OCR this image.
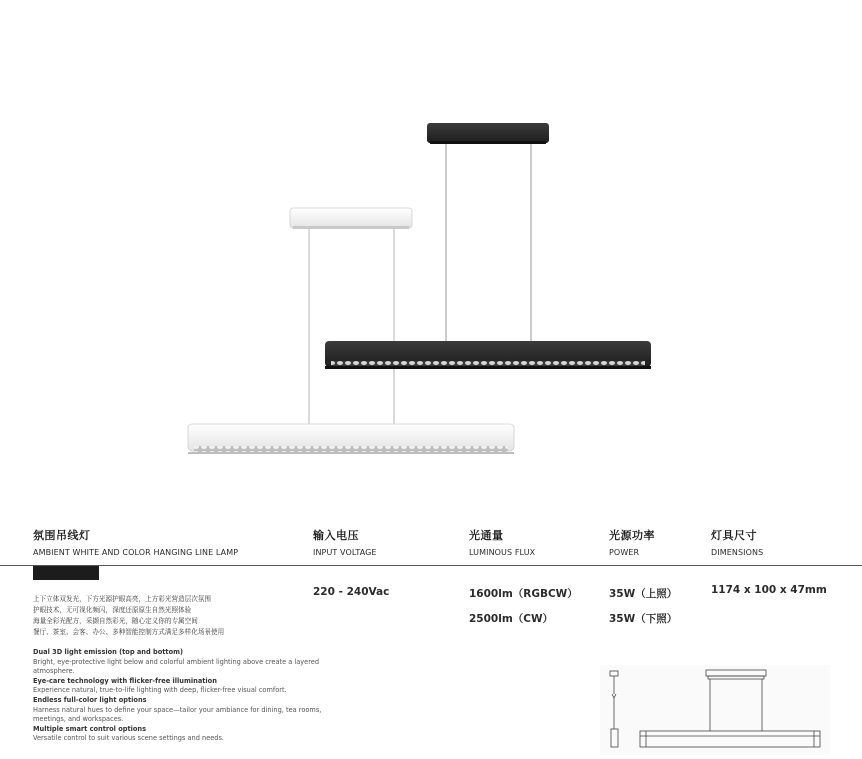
氛围吊线灯
AMBIENT WHITE AND COLOR HANGING LINE LAMP
输入电压
INPUT VOLTAGE
光通量
LUMINOUS FLUX
光源功率
POWER
灯具尺寸
DIMENSIONS
220 - 240Vac	1600lm（RGBCW）
2500lm（CW）
35W（上照）
35W（下照）
1174 x 100 x 47mm
上下立体双发光，下方光源护眼高亮，上方彩光营造层次氛围
护眼技术，无可视化频闪，深度还原原生自然光照体验
海量全彩光配方，采撷自然彩光，随心定义你的专属空间
餐厅、茶室、会客、办公、多种智能控制方式满足多样化场景使用
Dual 3D light emission (top and bottom)
Bright, eye-protective light below and colorful ambient lighting above create a layered atmosphere.
Eye-care technology with flicker-free illumination
Experience natural, true-to-life lighting with deep, flicker-free visual comfort.
Endless full-color light options
Harness natural hues to define your space—tailor your ambiance for dining, tea rooms, meetings, and workspaces.
Multiple smart control options
Versatile control to suit various scene settings and needs.
